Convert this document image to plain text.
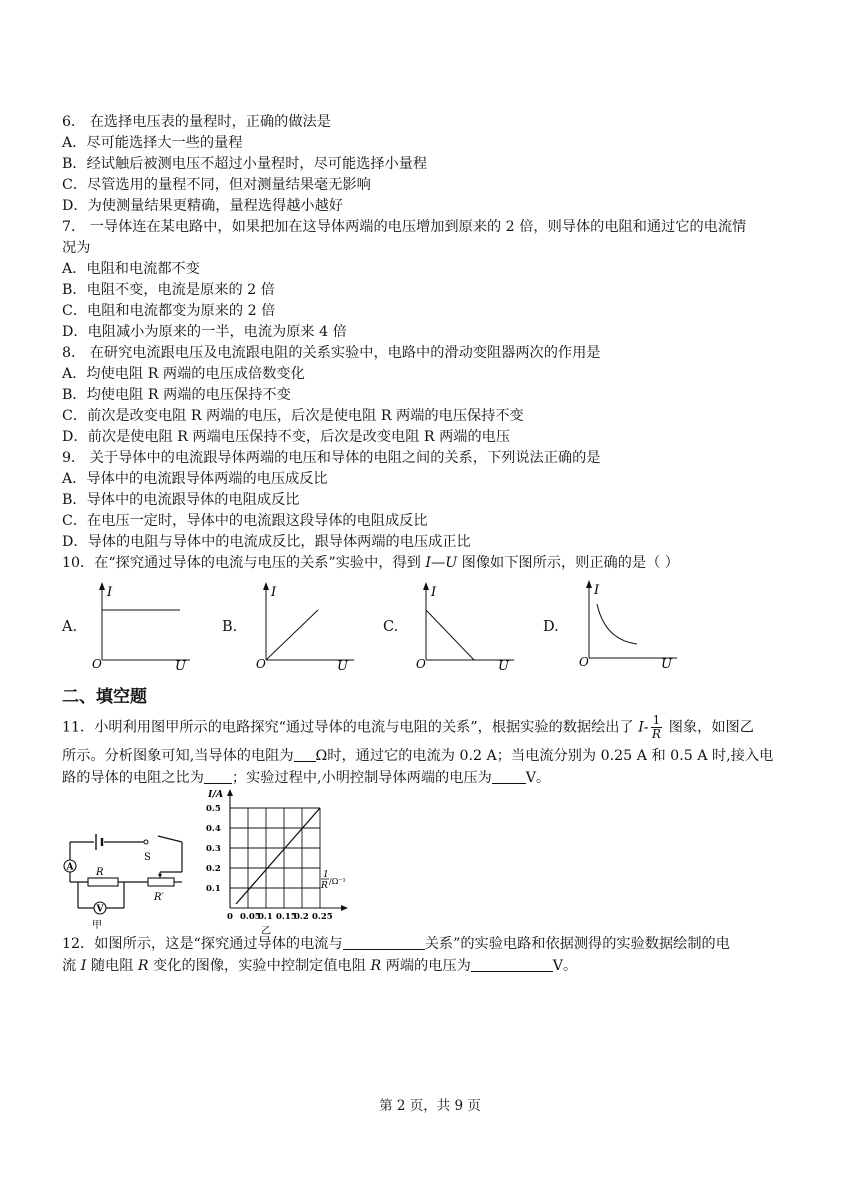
6． 在选择电压表的量程时，正确的做法是
A．尽可能选择大一些的量程
B．经试触后被测电压不超过小量程时，尽可能选择小量程
C．尽管选用的量程不同，但对测量结果毫无影响
D．为使测量结果更精确，量程选得越小越好
7． 一导体连在某电路中，如果把加在这导体两端的电压增加到原来的 2 倍，则导体的电阻和通过它的电流情
况为
A．电阻和电流都不变
B．电阻不变，电流是原来的 2 倍
C．电阻和电流都变为原来的 2 倍
D．电阻减小为原来的一半，电流为原来 4 倍
8． 在研究电流跟电压及电流跟电阻的关系实验中，电路中的滑动变阻器两次的作用是
A．均使电阻 R 两端的电压成倍数变化
B．均使电阻 R 两端的电压保持不变
C．前次是改变电阻 R 两端的电压，后次是使电阻 R 两端的电压保持不变
D．前次是使电阻 R 两端电压保持不变，后次是改变电阻 R 两端的电压
9． 关于导体中的电流跟导体两端的电压和导体的电阻之间的关系，下列说法正确的是
A．导体中的电流跟导体两端的电压成反比
B．导体中的电流跟导体的电阻成反比
C．在电压一定时，导体中的电流跟这段导体的电阻成反比
D．导体的电阻与导体中的电流成反比，跟导体两端的电压成正比
10．在“探究通过导体的电流与电压的关系”实验中，得到 I—U 图像如下图所示，则正确的是（ ）
A.
I
O	U
B.
I
O	U
C.
I
O	U
D.
I
O	U
二、填空题
11．小明利用图甲所示的电路探究“通过导体的电流与电阻的关系”，根据实验的数据绘出了 $I- \frac{1}{R}$ 图象，如图乙
所示。分析图象可知,当导体的电阻为 Ω时，通过它的电流为 0.2 A；当电流分别为 0.25 A 和 0.5 A 时,接入电
路的导体的电阻之比为 ；实验过程中,小明控制导体两端的电压为 V。
S
A R
R′
V
甲
I/A
0.1
0.2
0.3
0.4
0.5
0 0.05
0.1 0.15
0.2 0.25
1
R /Ω⁻¹
乙
12．如图所示，这是“探究通过导体的电流与	关系”的实验电路和依据测得的实验数据绘制的电
流 I 随电阻 R 变化的图像，实验中控制定值电阻 R 两端的电压为	V。
第 2 页，共 9 页
